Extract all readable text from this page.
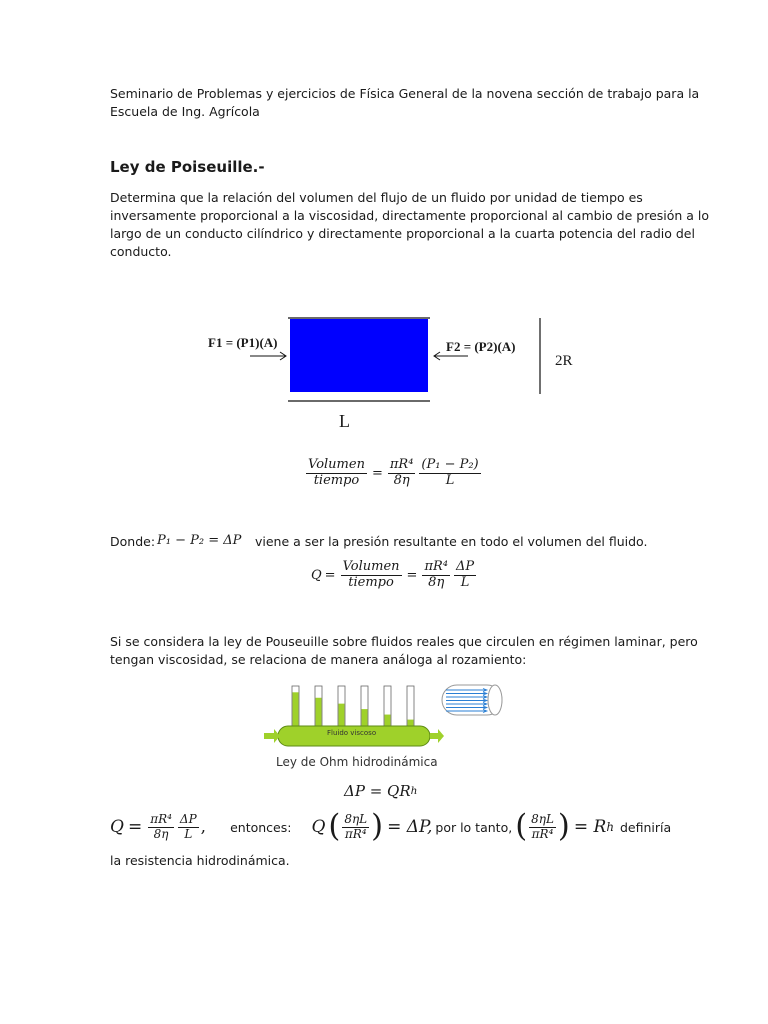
Seminario de Problemas y ejercicios de Física General de la novena sección de trabajo para la
Escuela de Ing. Agrícola
Ley de Poiseuille.-
Determina que la relación del volumen del flujo de un fluido por unidad de tiempo es
inversamente proporcional a la viscosidad, directamente proporcional al cambio de presión a lo
largo de un conducto cilíndrico y directamente proporcional a la cuarta potencia del radio del
conducto.
F1 = (P1)(A)	F2 = (P2)(A)
2R
L
$\frac{\text{Volumen}}{\text{tiempo}} = \frac{\text{πR⁴}}{8\eta} \frac{\text{(P₁ − P₂)}}{L}$
Donde: P₁ − P₂ = ΔP viene a ser la presión resultante en todo el volumen del fluido.
$Q = \frac{\text{Volumen}}{\text{tiempo}} = \frac{\text{πR⁴}}{8\eta} \frac{\Delta P}{L}$
Si se considera la ley de Pouseuille sobre fluidos reales que circulen en régimen laminar, pero
tengan viscosidad, se relaciona de manera análoga al rozamiento:
Fluido viscoso
Ley de Ohm hidrodinámica
ΔP = QR h
$Q = \frac{\text{πR⁴}}{8\eta} \frac{\Delta P}{L}$ , entonces: Q ( $\frac{8\eta L}{\text{πR⁴}}$ ) = ΔP, por lo tanto, ( $\frac{8\eta L}{\text{πR⁴}}$ ) = R h definiría
la resistencia hidrodinámica.
